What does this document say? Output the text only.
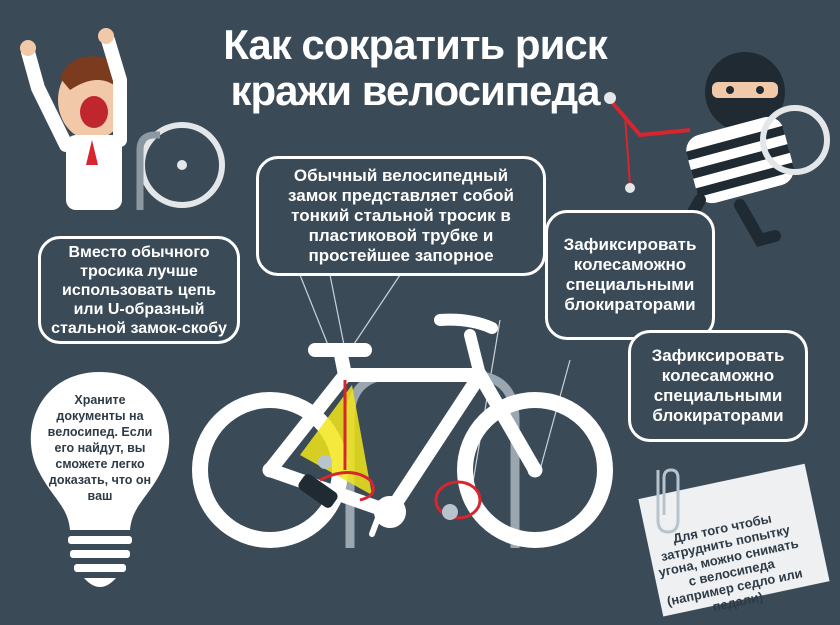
Как сократить риск
кражи велосипеда
Обычный велосипедный замок представляет собой тонкий стальной тросик в пластиковой трубке и простейшее запорное
Вместо обычного тросика лучше использовать цепь или U-образный стальной замок-скобу
Зафиксировать колесаможно специальными блокираторами
Зафиксировать колесаможно специальными блокираторами
Храните документы на велосипед. Если его найдут, вы сможете легко доказать, что он ваш
Для того чтобы затруднить попытку угона, можно снимать с велосипеда (например седло или педали)
